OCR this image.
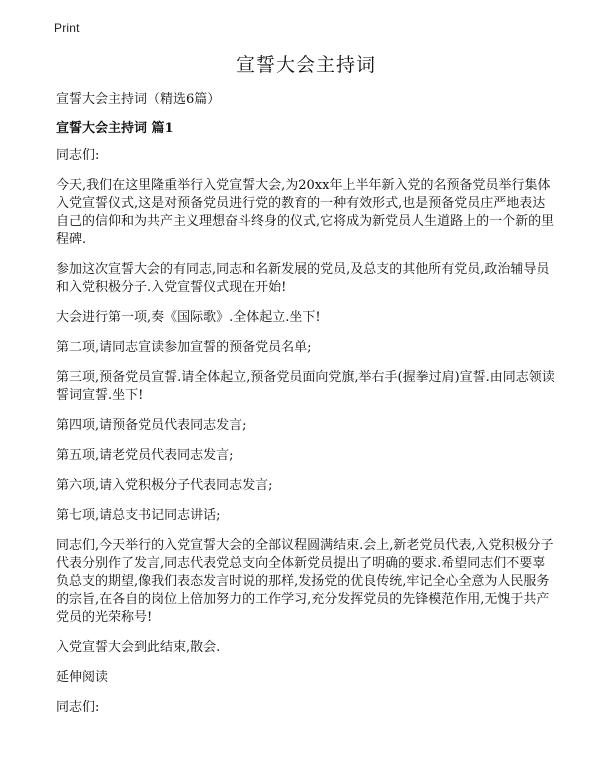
Print
宣誓大会主持词
宣誓大会主持词（精选6篇）
宣誓大会主持词 篇1

同志们:

今天,我们在这里隆重举行入党宣誓大会,为20xx年上半年新入党的名预备党员举行集体入党宣誓仪式,这是对预备党员进行党的教育的一种有效形式,也是预备党员庄严地表达自己的信仰和为共产主义理想奋斗终身的仪式,它将成为新党员人生道路上的一个新的里程碑.

参加这次宣誓大会的有同志,同志和名新发展的党员,及总支的其他所有党员,政治辅导员和入党积极分子.入党宣誓仪式现在开始!

大会进行第一项,奏《国际歌》.全体起立.坐下!

第二项,请同志宣读参加宣誓的预备党员名单;

第三项,预备党员宣誓.请全体起立,预备党员面向党旗,举右手(握拳过肩)宣誓.由同志领读誓词宣誓.坐下!

第四项,请预备党员代表同志发言;

第五项,请老党员代表同志发言;

第六项,请入党积极分子代表同志发言;

第七项,请总支书记同志讲话;

同志们,今天举行的入党宣誓大会的全部议程圆满结束.会上,新老党员代表,入党积极分子代表分别作了发言,同志代表党总支向全体新党员提出了明确的要求.希望同志们不要辜负总支的期望,像我们表态发言时说的那样,发扬党的优良传统,牢记全心全意为人民服务的宗旨,在各自的岗位上倍加努力的工作学习,充分发挥党员的先锋模范作用,无愧于共产党员的光荣称号!

入党宣誓大会到此结束,散会.

延伸阅读

同志们:
